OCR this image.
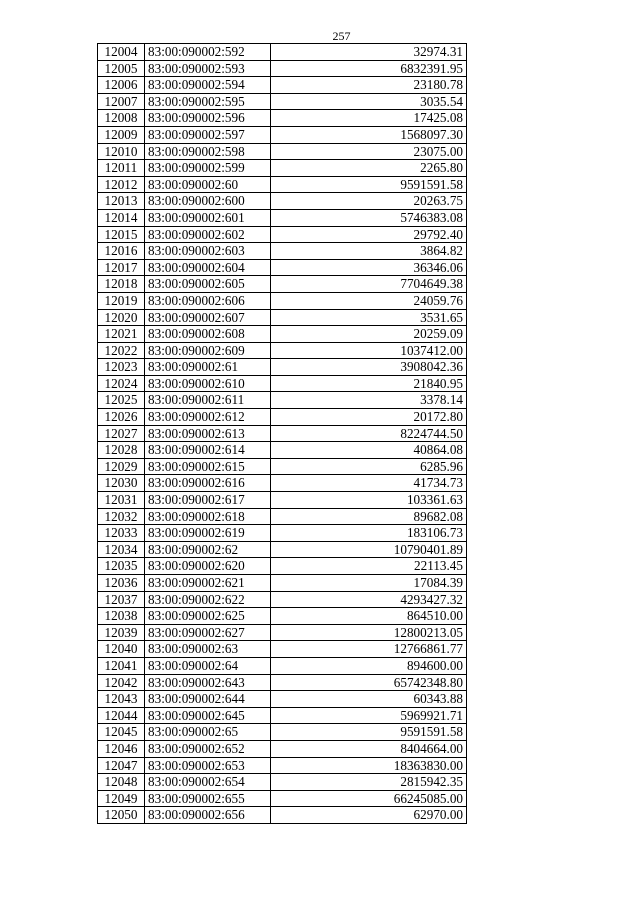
257
12004	83:00:090002:592	32974.31
12005	83:00:090002:593	6832391.95
12006	83:00:090002:594	23180.78
12007	83:00:090002:595	3035.54
12008	83:00:090002:596	17425.08
12009	83:00:090002:597	1568097.30
12010	83:00:090002:598	23075.00
12011	83:00:090002:599	2265.80
12012	83:00:090002:60	9591591.58
12013	83:00:090002:600	20263.75
12014	83:00:090002:601	5746383.08
12015	83:00:090002:602	29792.40
12016	83:00:090002:603	3864.82
12017	83:00:090002:604	36346.06
12018	83:00:090002:605	7704649.38
12019	83:00:090002:606	24059.76
12020	83:00:090002:607	3531.65
12021	83:00:090002:608	20259.09
12022	83:00:090002:609	1037412.00
12023	83:00:090002:61	3908042.36
12024	83:00:090002:610	21840.95
12025	83:00:090002:611	3378.14
12026	83:00:090002:612	20172.80
12027	83:00:090002:613	8224744.50
12028	83:00:090002:614	40864.08
12029	83:00:090002:615	6285.96
12030	83:00:090002:616	41734.73
12031	83:00:090002:617	103361.63
12032	83:00:090002:618	89682.08
12033	83:00:090002:619	183106.73
12034	83:00:090002:62	10790401.89
12035	83:00:090002:620	22113.45
12036	83:00:090002:621	17084.39
12037	83:00:090002:622	4293427.32
12038	83:00:090002:625	864510.00
12039	83:00:090002:627	12800213.05
12040	83:00:090002:63	12766861.77
12041	83:00:090002:64	894600.00
12042	83:00:090002:643	65742348.80
12043	83:00:090002:644	60343.88
12044	83:00:090002:645	5969921.71
12045	83:00:090002:65	9591591.58
12046	83:00:090002:652	8404664.00
12047	83:00:090002:653	18363830.00
12048	83:00:090002:654	2815942.35
12049	83:00:090002:655	66245085.00
12050	83:00:090002:656	62970.00
